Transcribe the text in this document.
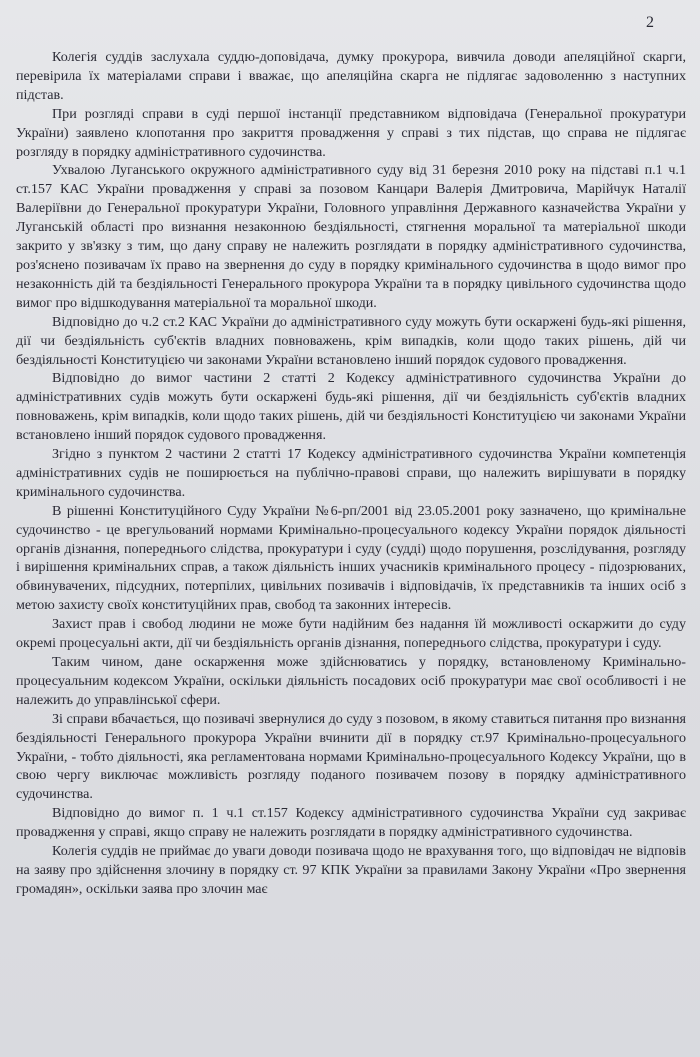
2

Колегія суддів заслухала суддю-доповідача, думку прокурора, вивчила доводи апеляційної скарги, перевірила їх матеріалами справи і вважає, що апеляційна скарга не підлягає задоволенню з наступних підстав.

При розгляді справи в суді першої інстанції представником відповідача (Генеральної прокуратури України) заявлено клопотання про закриття провадження у справі з тих підстав, що справа не підлягає розгляду в порядку адміністративного судочинства.

Ухвалою Луганського окружного адміністративного суду від 31 березня 2010 року на підставі п.1 ч.1 ст.157 КАС України провадження у справі за позовом Канцари Валерія Дмитровича, Марійчук Наталії Валеріївни до Генеральної прокуратури України, Головного управління Державного казначейства України у Луганській області про визнання незаконною бездіяльності, стягнення моральної та матеріальної шкоди закрито у зв'язку з тим, що дану справу не належить розглядати в порядку адміністративного судочинства, роз'яснено позивачам їх право на звернення до суду в порядку кримінального судочинства в щодо вимог про незаконність дій та бездіяльності Генерального прокурора України та в порядку цивільного судочинства щодо вимог про відшкодування матеріальної та моральної шкоди.

Відповідно до ч.2 ст.2 КАС України до адміністративного суду можуть бути оскаржені будь-які рішення, дії чи бездіяльність суб'єктів владних повноважень, крім випадків, коли щодо таких рішень, дій чи бездіяльності Конституцією чи законами України встановлено інший порядок судового провадження.

Відповідно до вимог частини 2 статті 2 Кодексу адміністративного судочинства України до адміністративних судів можуть бути оскаржені будь-які рішення, дії чи бездіяльність суб'єктів владних повноважень, крім випадків, коли щодо таких рішень, дій чи бездіяльності Конституцією чи законами України встановлено інший порядок судового провадження.

Згідно з пунктом 2 частини 2 статті 17 Кодексу адміністративного судочинства України компетенція адміністративних судів не поширюється на публічно-правові справи, що належить вирішувати в порядку кримінального судочинства.

В рішенні Конституційного Суду України №6-рп/2001 від 23.05.2001 року зазначено, що кримінальне судочинство - це врегульований нормами Кримінально-процесуального кодексу України порядок діяльності органів дізнання, попереднього слідства, прокуратури і суду (судді) щодо порушення, розслідування, розгляду і вирішення кримінальних справ, а також діяльність інших учасників кримінального процесу - підозрюваних, обвинувачених, підсудних, потерпілих, цивільних позивачів і відповідачів, їх представників та інших осіб з метою захисту своїх конституційних прав, свобод та законних інтересів.

Захист прав і свобод людини не може бути надійним без надання їй можливості оскаржити до суду окремі процесуальні акти, дії чи бездіяльність органів дізнання, попереднього слідства, прокуратури і суду.

Таким чином, дане оскарження може здійснюватись у порядку, встановленому Кримінально-процесуальним кодексом України, оскільки діяльність посадових осіб прокуратури має свої особливості і не належить до управлінської сфери.

Зі справи вбачається, що позивачі звернулися до суду з позовом, в якому ставиться питання про визнання бездіяльності Генерального прокурора України вчинити дії в порядку ст.97 Кримінально-процесуального України, - тобто діяльності, яка регламентована нормами Кримінально-процесуального Кодексу України, що в свою чергу виключає можливість розгляду поданого позивачем позову в порядку адміністративного судочинства.

Відповідно до вимог п. 1 ч.1 ст.157 Кодексу адміністративного судочинства України суд закриває провадження у справі, якщо справу не належить розглядати в порядку адміністративного судочинства.

Колегія суддів не приймає до уваги доводи позивача щодо не врахування того, що відповідач не відповів на заяву про здійснення злочину в порядку ст. 97 КПК України за правилами Закону України «Про звернення громадян», оскільки заява про злочин має
